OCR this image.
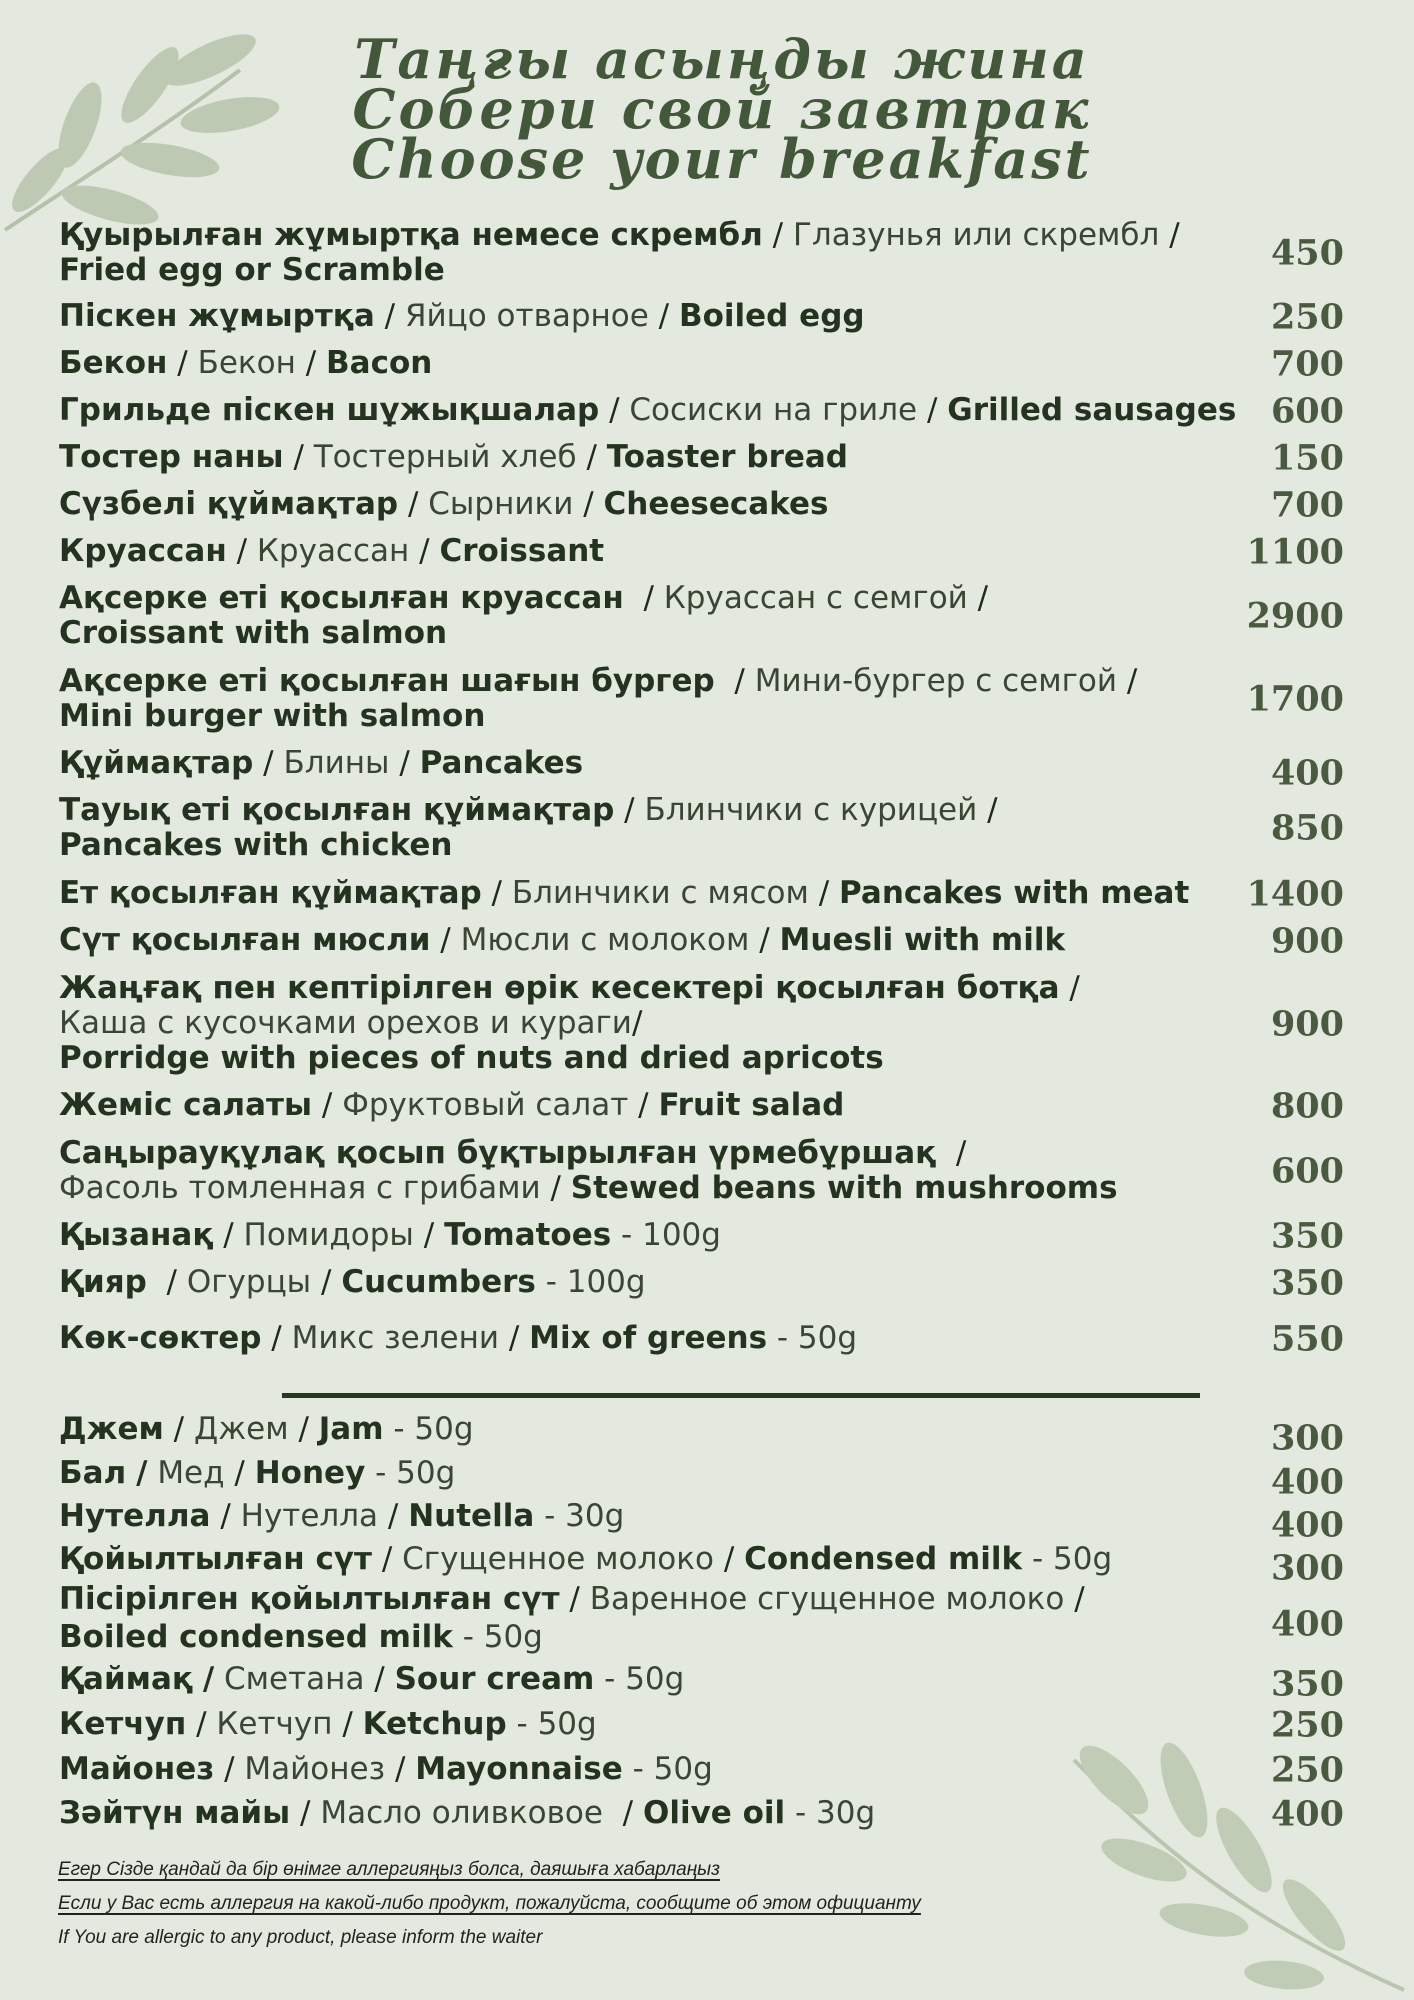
Таңғы асыңды жина
Собери свой завтрак
Choose your breakfast
Қуырылған жұмыртқа немесе скрембл / Глазунья или скрембл /
Fried egg or Scramble	450
Піскен жұмыртқа / Яйцо отварное / Boiled egg	250
Бекон / Бекон / Bacon	700
Грильде піскен шұжықшалар / Сосиски на гриле / Grilled sausages 600
Тостер наны / Тостерный хлеб / Toaster bread	150
Сүзбелі құймақтар / Сырники / Cheesecakes	700
Круассан / Круассан / Croissant	1100
Ақсерке еті қосылған круассан  / Круассан с семгой /
Croissant with salmon	2900
Ақсерке еті қосылған шағын бургер  / Мини-бургер с семгой /
Mini burger with salmon	1700
Құймақтар / Блины / Pancakes	400
Тауық еті қосылған құймақтар / Блинчики с курицей /
Pancakes with chicken	850
Ет қосылған құймақтар / Блинчики с мясом / Pancakes with meat	1400
Сүт қосылған мюсли / Мюсли с молоком / Muesli with milk	900
Жаңғақ пен кептірілген өрік кесектері қосылған ботқа /
Каша с кусочками орехов и кураги/
Porridge with pieces of nuts and dried apricots
900
Жеміс салаты / Фруктовый салат / Fruit salad	800
Саңырауқұлақ қосып бұқтырылған үрмебұршақ  /
Фасоль томленная с грибами / Stewed beans with mushrooms	600
Қызанақ / Помидоры / Tomatoes - 100g	350
Қияр  / Огурцы / Cucumbers - 100g	350
Көк-сөктер / Микс зелени / Mix of greens - 50g	550
Джем / Джем / Jam - 50g	300
Бал / Мед / Honey - 50g	400
Нутелла / Нутелла / Nutella - 30g	400
Қойылтылған сүт / Сгущенное молоко / Condensed milk - 50g	300
Пісірілген қойылтылған сүт / Варенное сгущенное молоко /
Boiled condensed milk - 50g	400
Қаймақ / Сметана / Sour cream - 50g	350
Кетчуп / Кетчуп / Ketchup - 50g	250
Майонез / Майонез / Mayonnaise - 50g	250
Зәйтүн майы / Масло оливковое  / Olive oil - 30g	400
Егер Сізде қандай да бір өнімге аллергияңыз болса, даяшыға хабарлаңыз
Если у Вас есть аллергия на какой-либо продукт, пожалуйста, сообщите об этом официанту
If You are allergic to any product, please inform the waiter
